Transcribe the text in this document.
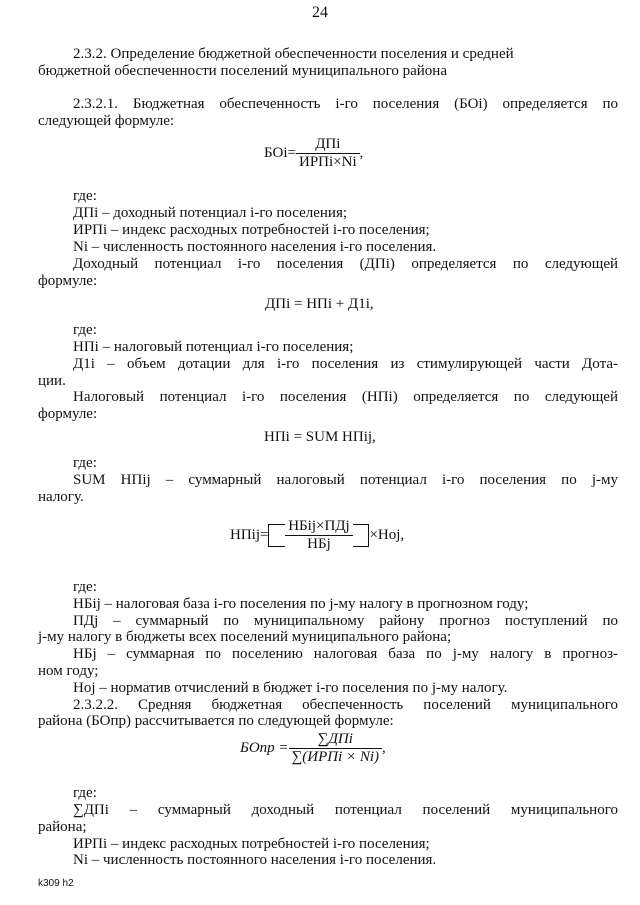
24
2.3.2. Определение бюджетной обеспеченности поселения и средней
бюджетной обеспеченности поселений муниципального района
2.3.2.1. Бюджетная обеспеченность i-го поселения (БОi) определяется по
следующей формуле:
$БОi= \frac{\text{ДПi}}{\text{ИРПi×Ni}}$ ,
где:
ДПi – доходный потенциал i-го поселения;
ИРПi – индекс расходных потребностей i-го поселения;
Ni – численность постоянного населения i-го поселения.
Доходный потенциал i-го поселения (ДПi) определяется по следующей
формуле:
ДПi = НПi + Д1i,
где:
НПi – налоговый потенциал i-го поселения;
Д1i – объем дотации для i-го поселения из стимулирующей части Дота-
ции.
Налоговый потенциал i-го поселения (НПi) определяется по следующей
формуле:
НПi = SUM НПij,
где:
SUM НПij – суммарный налоговый потенциал i-го поселения по j-му
налогу.
НПij= $\frac{\text{НБij×ПДj}}{\text{НБj}} \times Hoj$,
где:
НБij – налоговая база i-го поселения по j-му налогу в прогнозном году;
ПДj – суммарный по муниципальному району прогноз поступлений по
j-му налогу в бюджеты всех поселений муниципального района;
НБj – суммарная по поселению налоговая база по j-му налогу в прогноз-
ном году;
Hoj – норматив отчислений в бюджет i-го поселения по j-му налогу.
2.3.2.2. Средняя бюджетная обеспеченность поселений муниципального
района (БОпр) рассчитывается по следующей формуле:
БОпр = $\frac{\text{∑ДПi}}{\text{∑(ИРПi × Ni)}}$ ,
где:
∑ДПi – суммарный доходный потенциал поселений муниципального
района;
ИРПi – индекс расходных потребностей i-го поселения;
Ni – численность постоянного населения i-го поселения.
k309 h2
